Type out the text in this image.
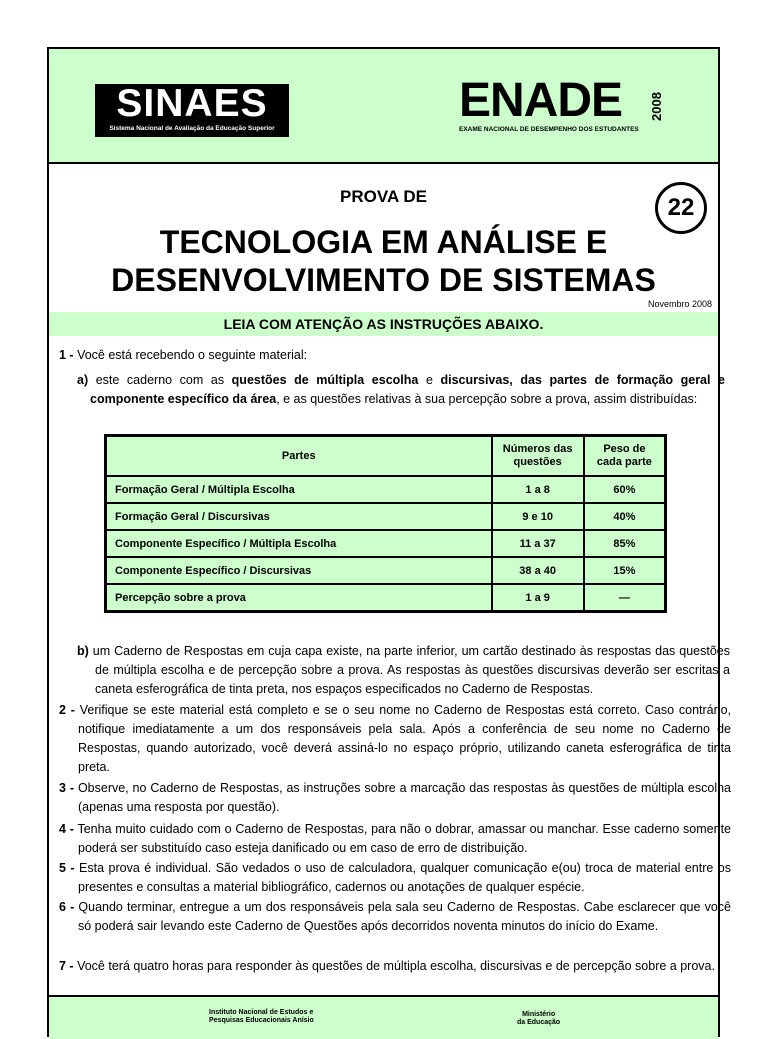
SINAES
Sistema Nacional de Avaliação da Educação Superior
ENADE 2008
EXAME NACIONAL DE DESEMPENHO DOS ESTUDANTES
PROVA DE	22
TECNOLOGIA EM ANÁLISE E
DESENVOLVIMENTO DE SISTEMAS
Novembro 2008
LEIA COM ATENÇÃO AS INSTRUÇÕES ABAIXO.
1 - Você está recebendo o seguinte material:
a) este caderno com as questões de múltipla escolha e discursivas, das partes de formação geral e componente específico da área, e as questões relativas à sua percepção sobre a prova, assim distribuídas:
Partes	Números das questões	Peso de cada parte
Formação Geral / Múltipla Escolha	1 a 8	60%
Formação Geral / Discursivas	9 e 10	40%
Componente Específico / Múltipla Escolha	11 a 37	85%
Componente Específico / Discursivas	38 a 40	15%
Percepção sobre a prova	1 a 9	—
b) um Caderno de Respostas em cuja capa existe, na parte inferior, um cartão destinado às respostas das questões de múltipla escolha e de percepção sobre a prova. As respostas às questões discursivas deverão ser escritas a caneta esferográfica de tinta preta, nos espaços especificados no Caderno de Respostas.
2 - Verifique se este material está completo e se o seu nome no Caderno de Respostas está correto. Caso contrário, notifique imediatamente a um dos responsáveis pela sala. Após a conferência de seu nome no Caderno de Respostas, quando autorizado, você deverá assiná-lo no espaço próprio, utilizando caneta esferográfica de tinta preta.
3 - Observe, no Caderno de Respostas, as instruções sobre a marcação das respostas às questões de múltipla escolha (apenas uma resposta por questão).
4 - Tenha muito cuidado com o Caderno de Respostas, para não o dobrar, amassar ou manchar. Esse caderno somente poderá ser substituído caso esteja danificado ou em caso de erro de distribuição.
5 - Esta prova é individual. São vedados o uso de calculadora, qualquer comunicação e(ou) troca de material entre os presentes e consultas a material bibliográfico, cadernos ou anotações de qualquer espécie.
6 - Quando terminar, entregue a um dos responsáveis pela sala seu Caderno de Respostas. Cabe esclarecer que você só poderá sair levando este Caderno de Questões após decorridos noventa minutos do início do Exame.
7 - Você terá quatro horas para responder às questões de múltipla escolha, discursivas e de percepção sobre a prova.
Instituto Nacional de Estudos e
Pesquisas Educacionais Anísio
Ministério
da Educação
